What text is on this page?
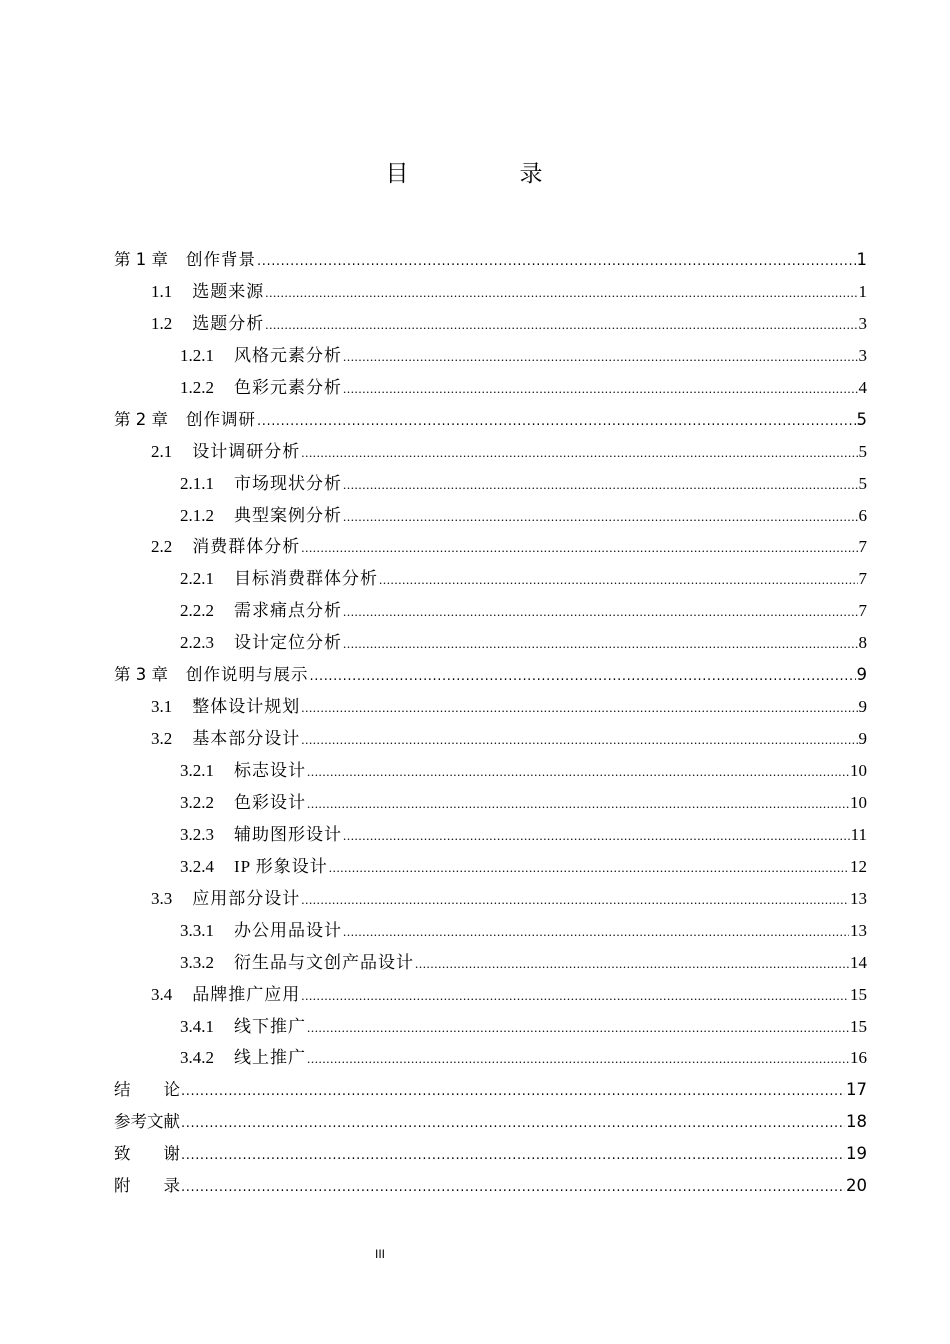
目　录
第 1 章 创作背景 .....	1
1.1 选题来源 .....	1
1.2 选题分析 .....	3
1.2.1 风格元素分析 .....	3
1.2.2 色彩元素分析 .....	4
第 2 章 创作调研 .....	5
2.1 设计调研分析 .....	5
2.1.1 市场现状分析 .....	5
2.1.2 典型案例分析 .....	6
2.2 消费群体分析 .....	7
2.2.1 目标消费群体分析 .....	7
2.2.2 需求痛点分析 .....	7
2.2.3 设计定位分析 .....	8
第 3 章 创作说明与展示 .....	9
3.1 整体设计规划 .....	9
3.2 基本部分设计 .....	9
3.2.1 标志设计 .....	10
3.2.2 色彩设计 .....	10
3.2.3 辅助图形设计 .....	11
3.2.4 IP 形象设计 .....	12
3.3 应用部分设计 .....	13
3.3.1 办公用品设计 .....	13
3.3.2 衍生品与文创产品设计 .....	14
3.4 品牌推广应用 .....	15
3.4.1 线下推广 .....	15
3.4.2 线上推广 .....	16
结　　论 .....	17
参考文献 .....	18
致　　谢 .....	19
附　　录 .....	20
III
